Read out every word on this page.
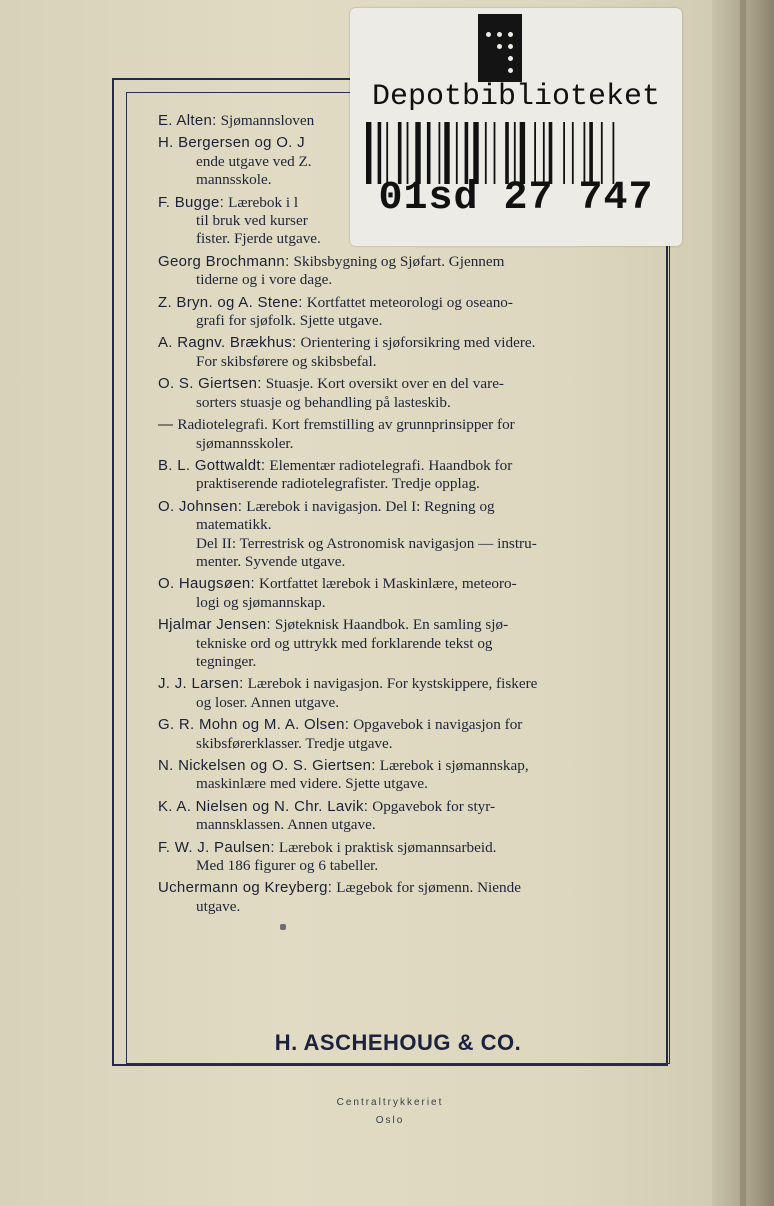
E. Alten: Sjømannsloven
H. Bergersen og O. J
ende utgave ved Z.
mannsskole.
F. Bugge: Lærebok i l
til bruk ved kurser
fister. Fjerde utgave.
Georg Brochmann: Skibsbygning og Sjøfart. Gjennem
tiderne og i vore dage.
Z. Bryn. og A. Stene: Kortfattet meteorologi og oseano-
grafi for sjøfolk. Sjette utgave.
A. Ragnv. Brækhus: Orientering i sjøforsikring med videre.
For skibsførere og skibsbefal.
O. S. Giertsen: Stuasje. Kort oversikt over en del vare-
sorters stuasje og behandling på lasteskib.
— Radiotelegrafi. Kort fremstilling av grunnprinsipper for
sjømannsskoler.
B. L. Gottwaldt: Elementær radiotelegrafi. Haandbok for
praktiserende radiotelegrafister. Tredje opplag.
O. Johnsen: Lærebok i navigasjon. Del I: Regning og
matematikk.
Del II: Terrestrisk og Astronomisk navigasjon — instru-
menter. Syvende utgave.
O. Haugsøen: Kortfattet lærebok i Maskinlære, meteoro-
logi og sjømannskap.
Hjalmar Jensen: Sjøteknisk Haandbok. En samling sjø-
tekniske ord og uttrykk med forklarende tekst og
tegninger.
J. J. Larsen: Lærebok i navigasjon. For kystskippere, fiskere
og loser. Annen utgave.
G. R. Mohn og M. A. Olsen: Opgavebok i navigasjon for
skibsførerklasser. Tredje utgave.
N. Nickelsen og O. S. Giertsen: Lærebok i sjømannskap,
maskinlære med videre. Sjette utgave.
K. A. Nielsen og N. Chr. Lavik: Opgavebok for styr-
mannsklassen. Annen utgave.
F. W. J. Paulsen: Lærebok i praktisk sjømannsarbeid.
Med 186 figurer og 6 tabeller.
Uchermann og Kreyberg: Lægebok for sjømenn. Niende
utgave.
H. ASCHEHOUG & CO.
Centraltrykkeriet
Oslo
Depotbiblioteket
01sd 27 747
